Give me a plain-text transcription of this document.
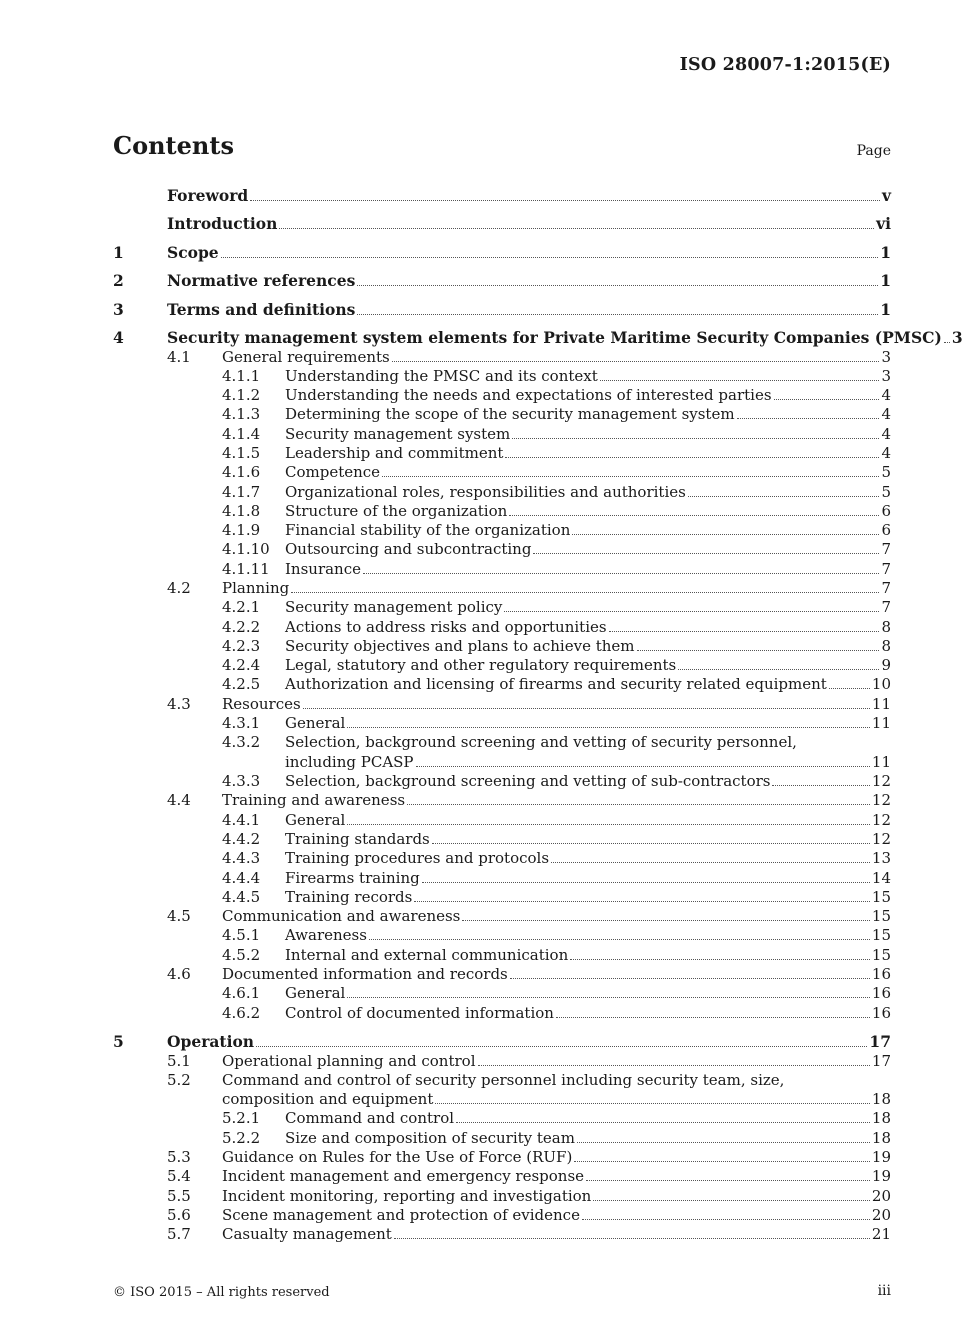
ISO 28007-1:2015(E)
Contents	Page
Foreword	v
Introduction	vi
1	Scope	1
2	Normative references	1
3	Terms and definitions	1
4	Security management system elements for Private Maritime Security Companies (PMSC) 3
4.1	General requirements	3
4.1.1	Understanding the PMSC and its context	3
4.1.2	Understanding the needs and expectations of interested parties	4
4.1.3	Determining the scope of the security management system	4
4.1.4	Security management system	4
4.1.5	Leadership and commitment	4
4.1.6	Competence	5
4.1.7	Organizational roles, responsibilities and authorities	5
4.1.8	Structure of the organization	6
4.1.9	Financial stability of the organization	6
4.1.10	Outsourcing and subcontracting	7
4.1.11	Insurance	7
4.2	Planning	7
4.2.1	Security management policy	7
4.2.2	Actions to address risks and opportunities	8
4.2.3	Security objectives and plans to achieve them	8
4.2.4	Legal, statutory and other regulatory requirements	9
4.2.5	Authorization and licensing of firearms and security related equipment	10
4.3	Resources	11
4.3.1	General	11
4.3.2	Selection, background screening and vetting of security personnel,
including PCASP	11
4.3.3	Selection, background screening and vetting of sub-contractors	12
4.4	Training and awareness	12
4.4.1	General	12
4.4.2	Training standards	12
4.4.3	Training procedures and protocols	13
4.4.4	Firearms training	14
4.4.5	Training records	15
4.5	Communication and awareness	15
4.5.1	Awareness	15
4.5.2	Internal and external communication	15
4.6	Documented information and records	16
4.6.1	General	16
4.6.2	Control of documented information	16
5	Operation	17
5.1	Operational planning and control	17
5.2	Command and control of security personnel including security team, size,
composition and equipment	18
5.2.1	Command and control	18
5.2.2	Size and composition of security team	18
5.3	Guidance on Rules for the Use of Force (RUF)	19
5.4	Incident management and emergency response	19
5.5	Incident monitoring, reporting and investigation	20
5.6	Scene management and protection of evidence	20
5.7	Casualty management	21
© ISO 2015 – All rights reserved	iii
